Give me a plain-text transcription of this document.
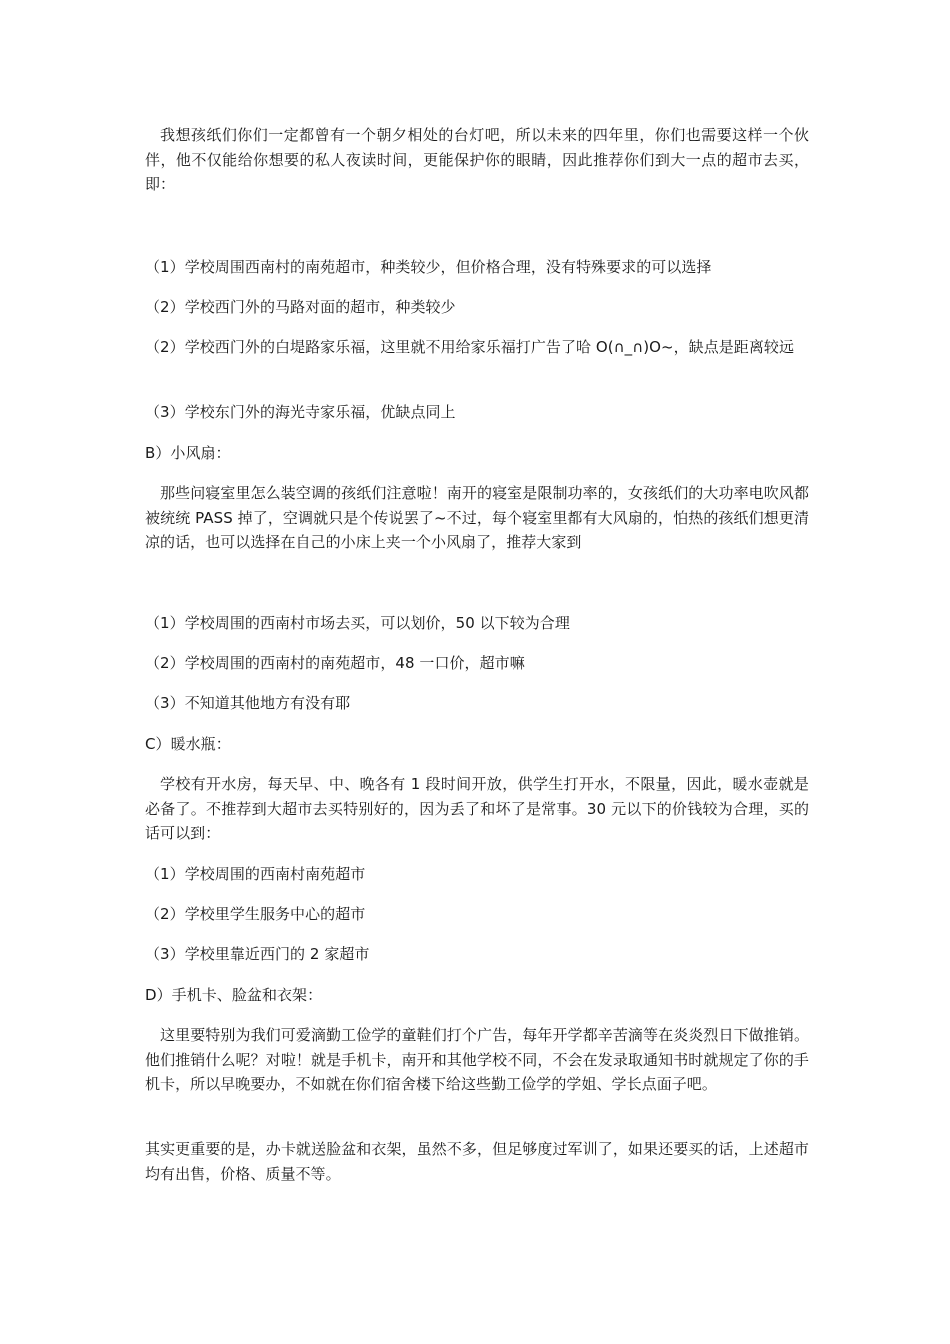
我想孩纸们你们一定都曾有一个朝夕相处的台灯吧，所以未来的四年里，你们也需要这样一个伙伴，他不仅能给你想要的私人夜读时间，更能保护你的眼睛，因此推荐你们到大一点的超市去买，即：

（1）学校周围西南村的南苑超市，种类较少，但价格合理，没有特殊要求的可以选择

（2）学校西门外的马路对面的超市，种类较少

（2）学校西门外的白堤路家乐福，这里就不用给家乐福打广告了哈 O(∩_∩)O~，缺点是距离较远

（3）学校东门外的海光寺家乐福，优缺点同上

B）小风扇：

那些问寝室里怎么装空调的孩纸们注意啦！南开的寝室是限制功率的，女孩纸们的大功率电吹风都被统统 PASS 掉了，空调就只是个传说罢了~不过，每个寝室里都有大风扇的，怕热的孩纸们想更清凉的话，也可以选择在自己的小床上夹一个小风扇了，推荐大家到

（1）学校周围的西南村市场去买，可以划价，50 以下较为合理

（2）学校周围的西南村的南苑超市，48 一口价，超市嘛

（3）不知道其他地方有没有耶

C）暖水瓶：

学校有开水房，每天早、中、晚各有 1 段时间开放，供学生打开水，不限量，因此，暖水壶就是必备了。不推荐到大超市去买特别好的，因为丢了和坏了是常事。30 元以下的价钱较为合理，买的话可以到：

（1）学校周围的西南村南苑超市

（2）学校里学生服务中心的超市

（3）学校里靠近西门的 2 家超市

D）手机卡、脸盆和衣架：

这里要特别为我们可爱滴勤工俭学的童鞋们打个广告，每年开学都辛苦滴等在炎炎烈日下做推销。他们推销什么呢？对啦！就是手机卡，南开和其他学校不同，不会在发录取通知书时就规定了你的手机卡，所以早晚要办，不如就在你们宿舍楼下给这些勤工俭学的学姐、学长点面子吧。

其实更重要的是，办卡就送脸盆和衣架，虽然不多，但足够度过军训了，如果还要买的话，上述超市均有出售，价格、质量不等。
